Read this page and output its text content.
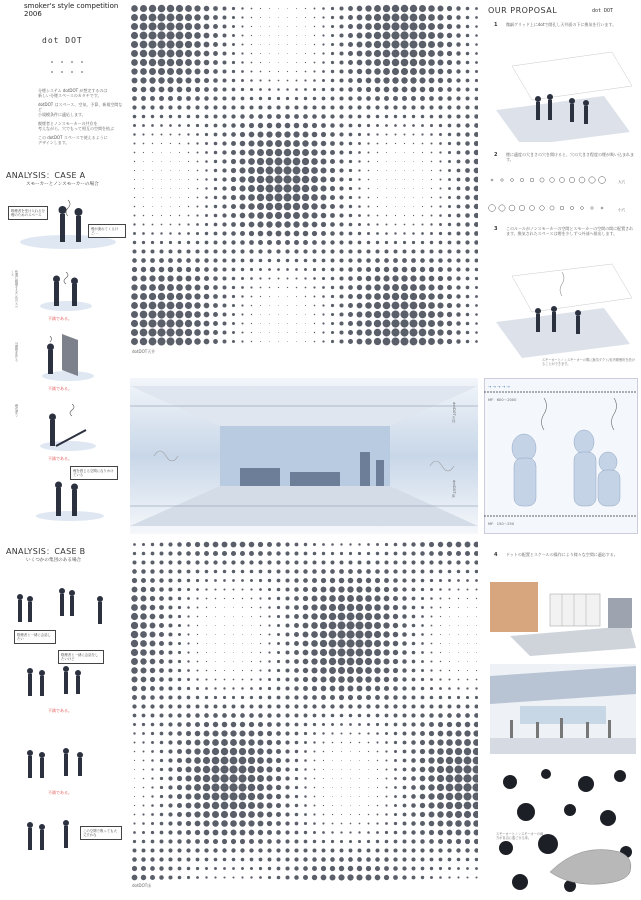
smoker's style competition 2006
dot DOT
分煙システム dotDOT が想定するのは
新しい分煙スペースのカタチです。
dotDOT はスペース、空気、予算、新規空間など
小規模条件に適応します。
喫煙者とノンスモーカーの共存を
考えながら、穴でもって相互の空間を結ぶ
この dotDOT スペースで使えるように
デザインします。
ANALYSIS：CASE A
スモーカーとノンスモーカーの場合
喫煙者を受け入れる分煙のためのスペース
煙が流れてくるけど…
快適に喫煙するためのスペース
不満である。
分煙壁を作る
不満である。
煙が漂う
不満である。
煙を感じる空間になりかけている
ANALYSIS：CASE B
いくつかの集団のある場合
喫煙者と一緒に会話したい
喫煙者と一緒に会話をしたいけど
不満である。
不満である。
この空間で吸っても大丈夫かな
dotDOT天井
dotDOT床
→ → → → →
MF：600～2000
MF：150～250
dotDOT天井
dotDOT床
OUR PROPOSAL	dot DOT
1 微細グリッド上にdotで開孔し天井面の下に換気を行います。
2 煙に適度の大きさの穴を開けると、穴の大きさ程度の煙が吸い込まれます。
大穴
小穴
3 このルールがノンスモーカーの空間とスモーカーの空間の間に配置されます。換気されたスペースは煙を少しずつ外部へ排出します。
スモーカーとノンスモーカーの間に換気ダクト/室内喫煙所を設けることができます。
4 ドットの配置とスケールの操作により様々な空間に適応する。
スモーカーとノンスモーカーの両方が自由に過ごせる床。
